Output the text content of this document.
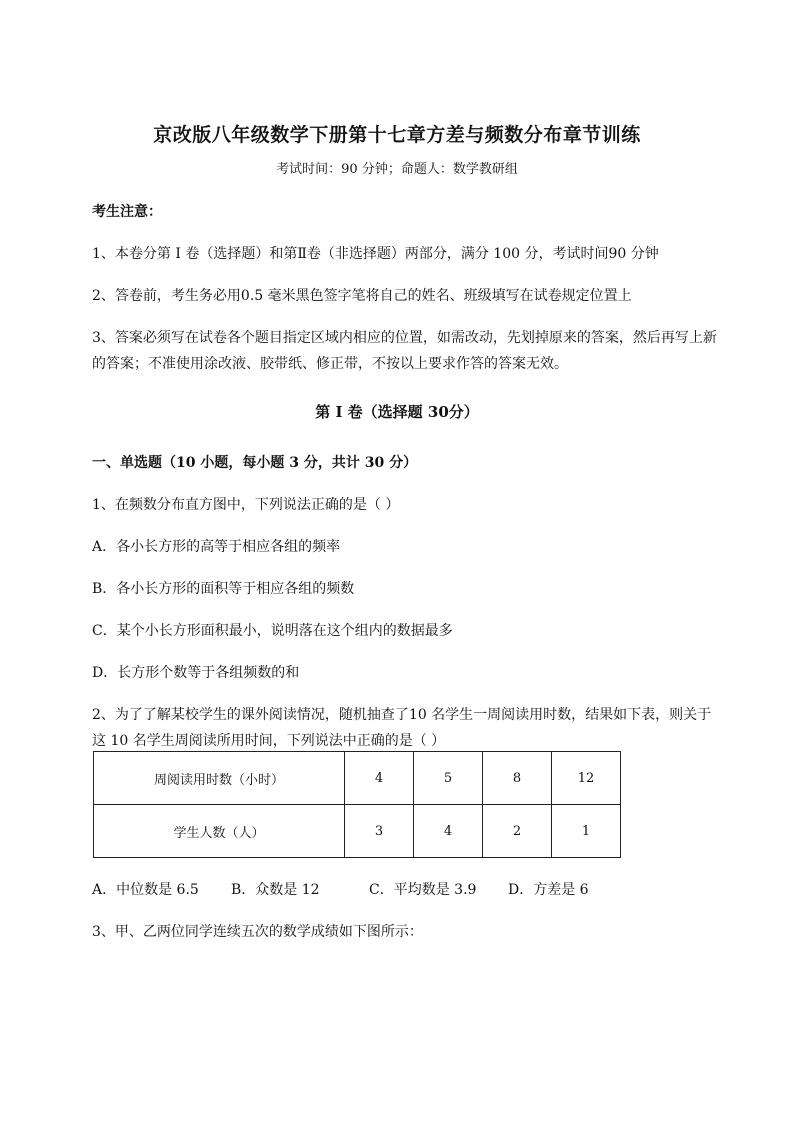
京改版八年级数学下册第十七章方差与频数分布章节训练
考试时间：90 分钟；命题人：数学教研组
考生注意：
1、本卷分第 I 卷（选择题）和第Ⅱ卷（非选择题）两部分，满分 100 分，考试时间90 分钟
2、答卷前，考生务必用0.5 毫米黑色签字笔将自己的姓名、班级填写在试卷规定位置上
3、答案必须写在试卷各个题目指定区域内相应的位置，如需改动，先划掉原来的答案，然后再写上新
的答案；不准使用涂改液、胶带纸、修正带，不按以上要求作答的答案无效。
第 I 卷（选择题 30分）
一、单选题（10 小题，每小题 3 分，共计 30 分）
1、在频数分布直方图中，下列说法正确的是（ ）
A．各小长方形的高等于相应各组的频率
B．各小长方形的面积等于相应各组的频数
C．某个小长方形面积最小，说明落在这个组内的数据最多
D．长方形个数等于各组频数的和
2、为了了解某校学生的课外阅读情况，随机抽查了10 名学生一周阅读用时数，结果如下表，则关于
这 10 名学生周阅读所用时间，下列说法中正确的是（ ）
周阅读用时数（小时）	4	5	8	12
学生人数（人）	3	4	2	1
A．中位数是 6.5 B．众数是 12	C．平均数是 3.9 D．方差是 6
3、甲、乙两位同学连续五次的数学成绩如下图所示：
